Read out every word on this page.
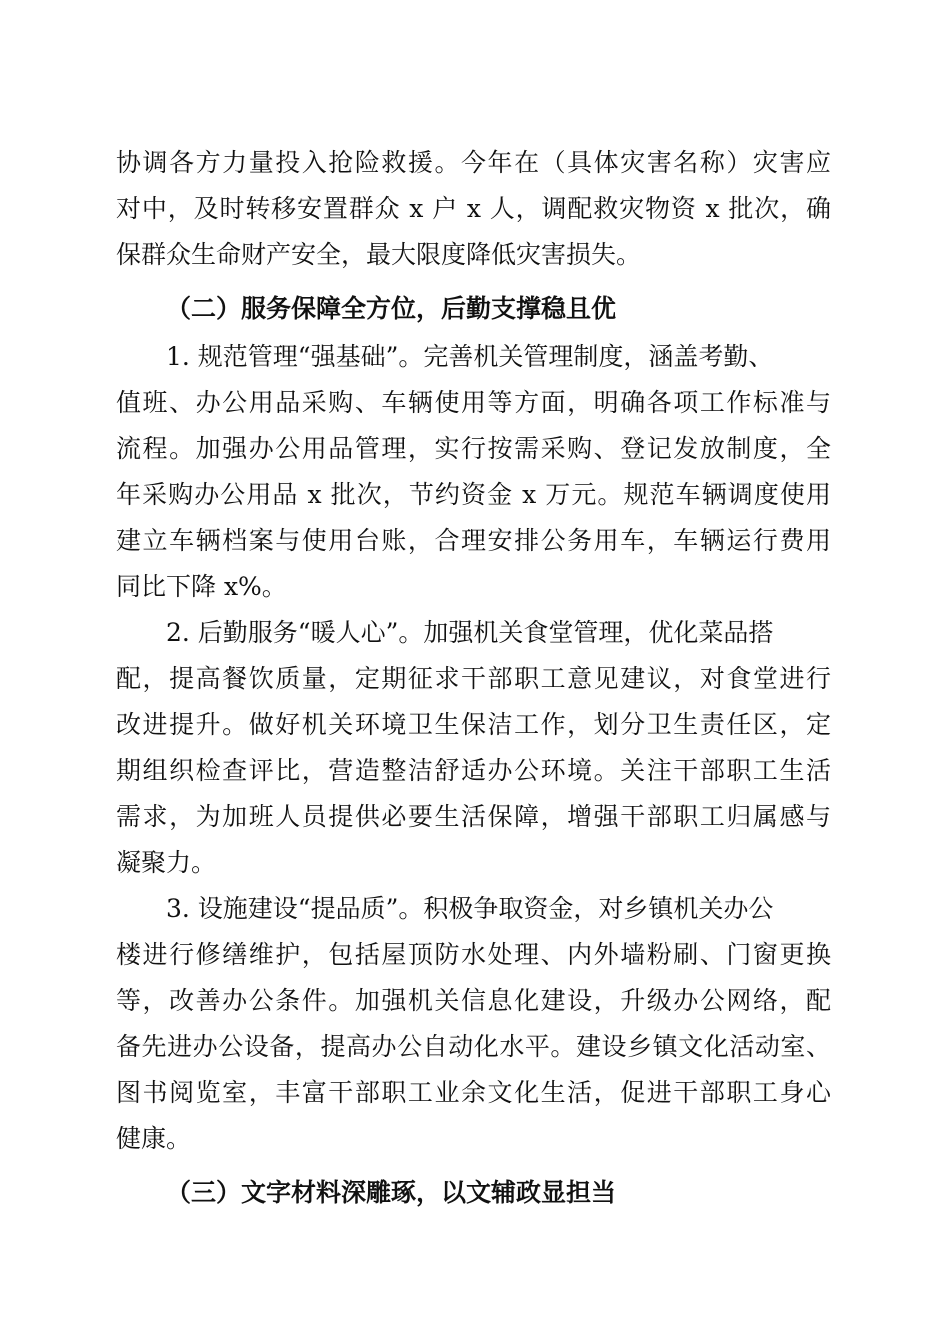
协调各方力量投入抢险救援。今年在（具体灾害名称）灾害应
对中，及时转移安置群众 x 户 x 人，调配救灾物资 x 批次，确
保群众生命财产安全，最大限度降低灾害损失。
（二）服务保障全方位，后勤支撑稳且优
1. 规范管理“强基础”。完善机关管理制度，涵盖考勤、
值班、办公用品采购、车辆使用等方面，明确各项工作标准与
流程。加强办公用品管理，实行按需采购、登记发放制度，全
年采购办公用品 x 批次，节约资金 x 万元。规范车辆调度使用
建立车辆档案与使用台账，合理安排公务用车，车辆运行费用
同比下降 x%。
2. 后勤服务“暖人心”。加强机关食堂管理，优化菜品搭
配，提高餐饮质量，定期征求干部职工意见建议，对食堂进行
改进提升。做好机关环境卫生保洁工作，划分卫生责任区，定
期组织检查评比，营造整洁舒适办公环境。关注干部职工生活
需求，为加班人员提供必要生活保障，增强干部职工归属感与
凝聚力。
3. 设施建设“提品质”。积极争取资金，对乡镇机关办公
楼进行修缮维护，包括屋顶防水处理、内外墙粉刷、门窗更换
等，改善办公条件。加强机关信息化建设，升级办公网络，配
备先进办公设备，提高办公自动化水平。建设乡镇文化活动室、
图书阅览室，丰富干部职工业余文化生活，促进干部职工身心
健康。
（三）文字材料深雕琢，以文辅政显担当
